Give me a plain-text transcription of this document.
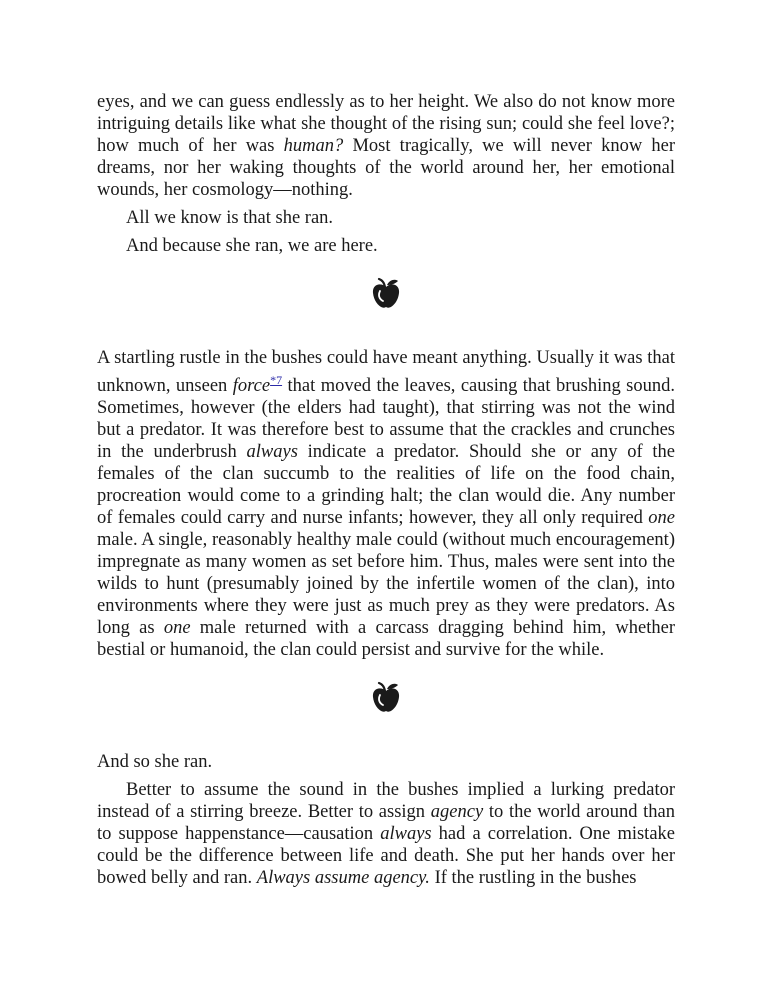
eyes, and we can guess endlessly as to her height. We also do not know more intriguing details like what she thought of the rising sun; could she feel love?; how much of her was human? Most tragically, we will never know her dreams, nor her waking thoughts of the world around her, her emotional wounds, her cosmology—nothing.

All we know is that she ran.

And because she ran, we are here.

A startling rustle in the bushes could have meant anything. Usually it was that unknown, unseen force$^{*7}$ that moved the leaves, causing that brushing sound. Sometimes, however (the elders had taught), that stirring was not the wind but a predator. It was therefore best to assume that the crackles and crunches in the underbrush always indicate a predator. Should she or any of the females of the clan succumb to the realities of life on the food chain, procreation would come to a grinding halt; the clan would die. Any number of females could carry and nurse infants; however, they all only required one male. A single, reasonably healthy male could (without much encouragement) impregnate as many women as set before him. Thus, males were sent into the wilds to hunt (presumably joined by the infertile women of the clan), into environments where they were just as much prey as they were predators. As long as one male returned with a carcass dragging behind him, whether bestial or humanoid, the clan could persist and survive for the while.

And so she ran.

Better to assume the sound in the bushes implied a lurking predator instead of a stirring breeze. Better to assign agency to the world around than to suppose happenstance—causation always had a correlation. One mistake could be the difference between life and death. She put her hands over her bowed belly and ran. Always assume agency. If the rustling in the bushes
